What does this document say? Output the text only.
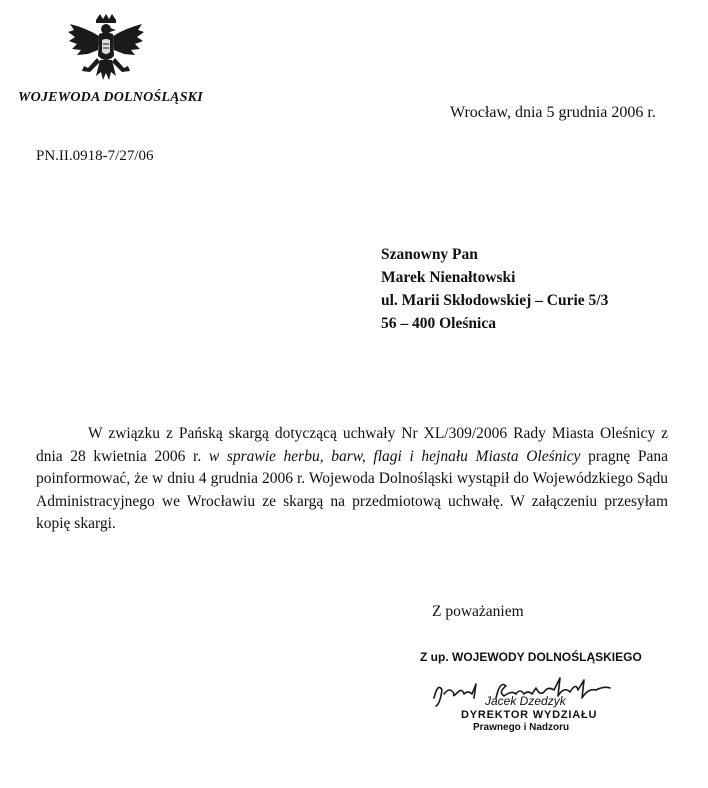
WOJEWODA DOLNOŚLĄSKI
Wrocław, dnia 5 grudnia 2006 r.
PN.II.0918-7/27/06
Szanowny Pan
Marek Nienałtowski
ul. Marii Skłodowskiej – Curie 5/3
56 – 400 Oleśnica
W związku z Pańską skargą dotyczącą uchwały Nr XL/309/2006 Rady Miasta Oleśnicy z dnia 28 kwietnia 2006 r. w sprawie herbu, barw, flagi i hejnału Miasta Oleśnicy pragnę Pana poinformować, że w dniu 4 grudnia 2006 r. Wojewoda Dolnośląski wystąpił do Wojewódzkiego Sądu Administracyjnego we Wrocławiu ze skargą na przedmiotową uchwałę. W załączeniu przesyłam kopię skargi.
Z poważaniem
Z up. WOJEWODY DOLNOŚLĄSKIEGO
Jacek Dzedzyk
DYREKTOR WYDZIAŁU
Prawnego i Nadzoru
